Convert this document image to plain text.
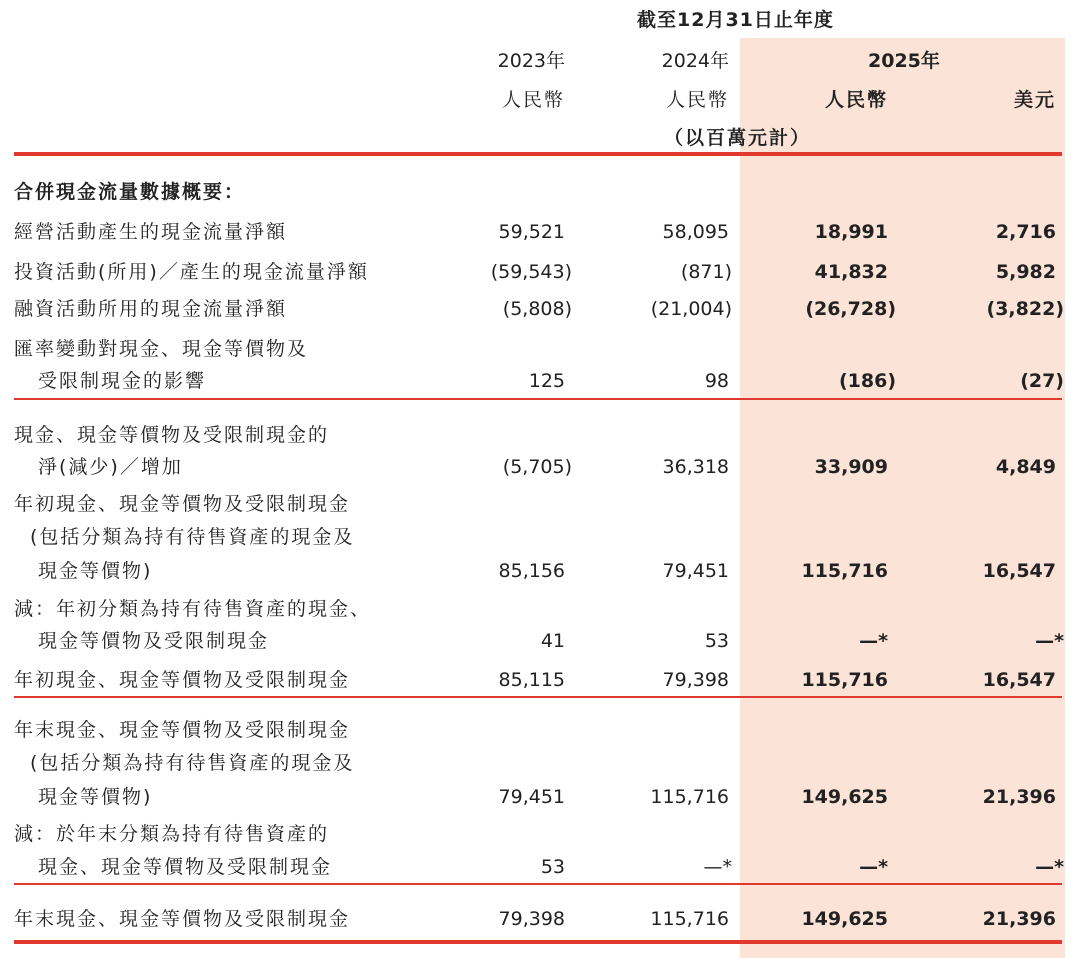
截至12月31日止年度
2023年	2024年	2025年
人民幣	人民幣	人民幣	美元
（以百萬元計）
合併現金流量數據概要：
經營活動產生的現金流量淨額	59,521	58,095	18,991	2,716
投資活動(所用)／產生的現金流量淨額	(59,543)	(871)	41,832	5,982
融資活動所用的現金流量淨額	(5,808)	(21,004)	(26,728)	(3,822)
匯率變動對現金、現金等價物及
受限制現金的影響	125	98	(186)	(27)
現金、現金等價物及受限制現金的
淨(減少)／增加	(5,705)	36,318	33,909	4,849
年初現金、現金等價物及受限制現金
(包括分類為持有待售資產的現金及
現金等價物)	85,156	79,451	115,716	16,547
減：年初分類為持有待售資產的現金、
現金等價物及受限制現金	41	53	—*	—*
年初現金、現金等價物及受限制現金	85,115	79,398	115,716	16,547
年末現金、現金等價物及受限制現金
(包括分類為持有待售資產的現金及
現金等價物)	79,451	115,716	149,625	21,396
減：於年末分類為持有待售資產的
現金、現金等價物及受限制現金	53	—*	—*	—*
年末現金、現金等價物及受限制現金	79,398	115,716	149,625	21,396
